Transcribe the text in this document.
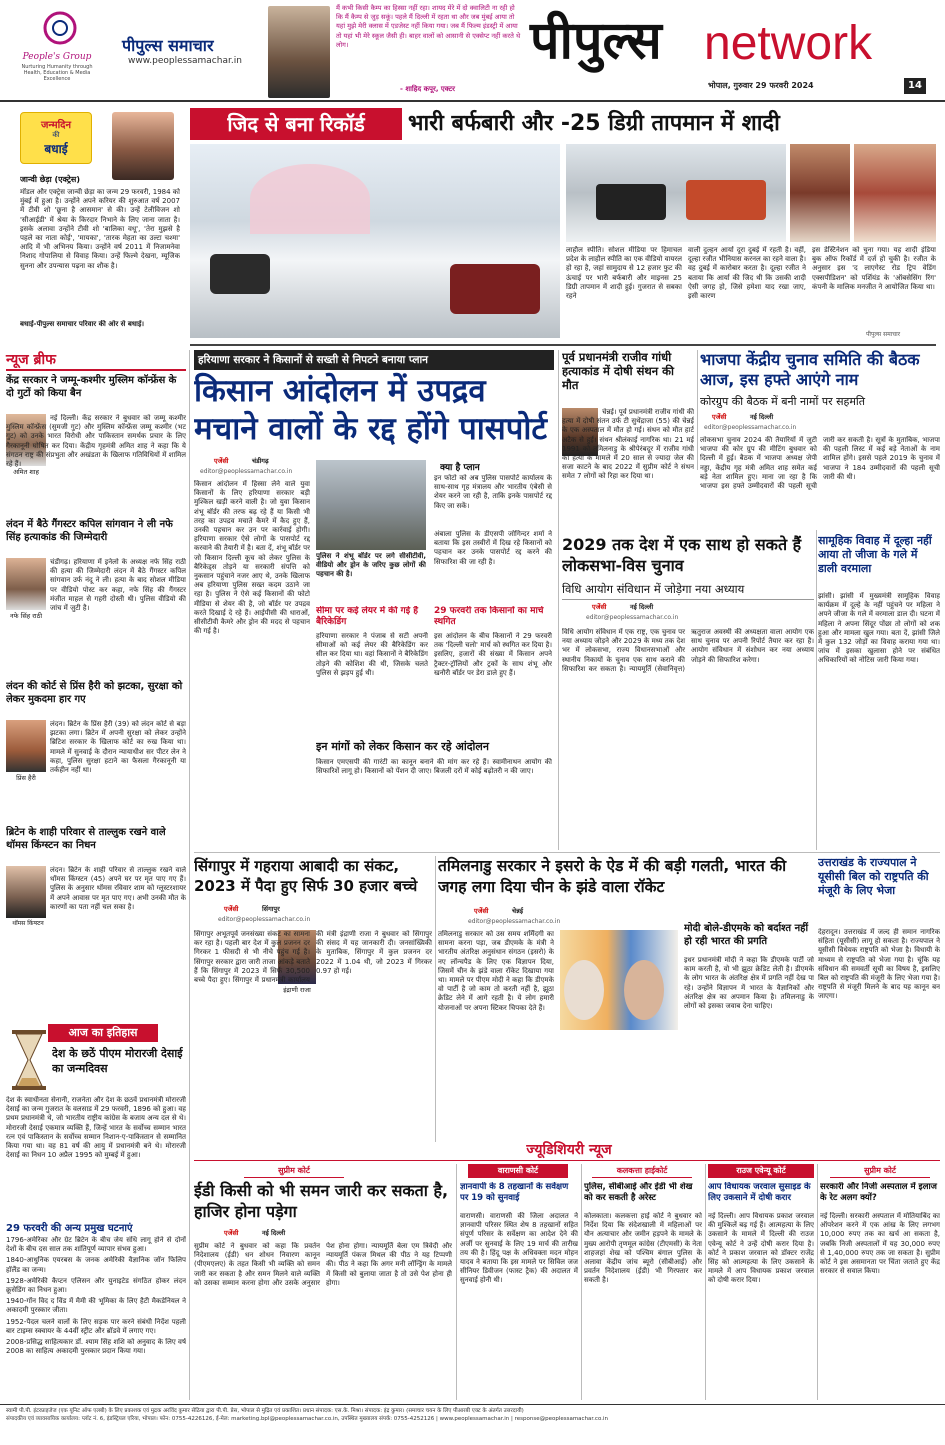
People's Group
Nurturing Humanity through Health, Education & Media Excellence
पीपुल्स समाचार
www.peoplessamachar.in
मैं कभी किसी कैम्प का हिस्सा नहीं रहा। शायद मेरे में दो क्वालिटी ना रही हो कि मैं कैम्प से जुड़ सकूं। पहले मैं दिल्ली में रहता था और जब मुंबई आया तो यहां मुझे मेरी क्लास में एडजेस्ट नहीं किया गया। जब मैं फिल्म इंडस्ट्री में आया तो यहां भी मेरे स्कूल जैसी ही। बाहर वालों को आसानी से एक्सेप्ट नहीं करते थे लोग।
- शाहिद कपूर, एक्टर
पीपुल्स network
भोपाल, गुरुवार 29 फरवरी 2024	14
जन्मदिन
की
बधाई
जान्वी छेड़ा (एक्ट्रेस)
मॉडल और एक्ट्रेस जान्वी छेड़ा का जन्म 29 फरवरी, 1984 को मुंबई में हुआ है। उन्होंने अपने करियर की शुरुआत वर्ष 2007 में टीवी शो 'छूना है आसमान' से की। उन्हें टेलीविजन शो 'सीआईडी' में श्रेया के किरदार निभाने के लिए जाना जाता है। इसके अलावा उन्होंने टीवी शो 'बालिका वधू', 'तेरा मुझसे है पहले का नाता कोई', 'मायका', 'तारक मेहता का उल्टा चश्मा' आदि में भी अभिनय किया। उन्होंने वर्ष 2011 में निजामनेवा निशाद गोपालिया से विवाह किया। उन्हें फिल्मे देखना, म्यूजिक सुनना और उपन्यास पढ़ना का शौक है।
बधाई-पीपुल्स समाचार परिवार की ओर से बधाई।
जिद से बना रिकॉर्ड	भारी बर्फबारी और -25 डिग्री तापमान में शादी
लाहौल स्पीति। सोशल मीडिया पर हिमाचल प्रदेश के लाहौल स्पीति का एक वीडियो वायरल हो रहा है, जहां सामुदाय से 12 हजार फुट की ऊंचाई पर भारी बर्फबारी और माइनस 25 डिग्री तापमान में शादी हुई। गुजरात से सबका रहने
वाली दुल्हन आर्या दूरा दुबई में रहती है। वहीं, दूल्हा रजीत भीनियास करनल का रहने वाला है। वह दुबई में कारोबार करता है। दूल्हा रजीत ने बताया कि आर्या की जिद थी कि उसकी शादी ऐसी जगह हो, जिसे हमेशा याद रखा जाए, इसी कारण
इस डेस्टिनेशन को चुना गया। यह शादी इंडिया बुक ऑफ रिकॉर्ड में दर्ज हो चुकी है। रजीत के अनुसार इस 'द लाएगेस्ट रोड ट्रिप वेडिंग एक्सपीडिशन' को पर्शियंड के 'ऑबसेसिंग रिंग' कंपनी के मालिक मनजीत ने आयोजित किया था।
पीपुल्स समाचार
न्यूज ब्रीफ
केंद्र सरकार ने जम्मू-कश्मीर मुस्लिम कॉन्फ्रेंस के दो गुटों को किया बैन
अमित शाह
नई दिल्ली। केंद्र सरकार ने बुधवार को जम्मू कश्मीर मुस्लिम कॉन्फ्रेंस (सुमजी गुट) और मुस्लिम कॉन्फ्रेंस जम्मू कश्मीर (भट गुट) को उनके भारत विरोधी और पाकिस्तान समर्थक प्रचार के लिए गैरकानूनी घोषित कर दिया। केंद्रीय गृहमंत्री अमित शाह ने कहा कि ये संगठन राष्ट्र की संप्रभुता और अखंडता के खिलाफ गतिविधियों में शामिल रहे हैं।
लंदन में बैठे गैंगस्टर कपिल सांगवान ने ली नफे सिंह हत्याकांड की जिम्मेदारी
नफे सिंह राठी
चंडीगढ़। हरियाणा में इनेलो के अध्यक्ष नफे सिंह राठी की हत्या की जिम्मेदारी लंदन में बैठे गैंगस्टर कपिल सांगवान उर्फ नंदू ने ली। हत्या के बाद सोशल मीडिया पर वीडियो पोस्ट कर कहा, नफे सिंह की गैंगस्टर मंजीत माहल से गहरी दोस्ती थी। पुलिस वीडियो की जांच में जुटी है।
लंदन की कोर्ट से प्रिंस हैरी को झटका, सुरक्षा को लेकर मुकदमा हार गए
प्रिंस हैरी
लंदन। ब्रिटेन के प्रिंस हैरी (39) को लंदन कोर्ट से बड़ा झटका लगा। ब्रिटेन में अपनी सुरक्षा को लेकर उन्होंने ब्रिटिश सरकार के खिलाफ कोर्ट का रुख किया था। मामले में सुनवाई के दौरान न्यायाधीश सर पीटर लेन ने कहा, पुलिस सुरक्षा हटाने का फैसला गैरकानूनी या तर्कहीन नहीं था।
ब्रिटेन के शाही परिवार से ताल्लुक रखने वाले थॉमस किंग्स्टन का निधन
थॉमस किंग्स्टन
लंदन। ब्रिटेन के शाही परिवार से ताल्लुक रखने वाले थॉमस किंग्स्टन (45) अपने घर पर मृत पाए गए हैं। पुलिस के अनुसार थॉमस रविवार शाम को ग्लूस्टरशायर में अपने आवास पर मृत पाए गए। अभी उनकी मौत के कारणों का पता नहीं चल सका है।
आज का इतिहास
देश के छठें पीएम मोरारजी देसाई का जन्मदिवस
देश के स्वाधीनता सेनानी, राजनेता और देश के छठवें प्रधानमंत्री मोरारजी देसाई का जन्म गुजरात के वलसाड में 29 फरवरी, 1896 को हुआ। वह प्रथम प्रधानमंत्री थे, जो भारतीय राष्ट्रीय कांग्रेस के बजाय अन्य दल से थे। मोरारजी देसाई एकमात्र व्यक्ति हैं, जिन्हें भारत के सर्वोच्च सम्मान भारत रत्न एवं पाकिस्तान के सर्वोच्च सम्मान निशान-ए-पाकिस्तान से सम्मानित किया गया था। वह 81 वर्ष की आयु में प्रधानमंत्री बने थे। मोरारजी देसाई का निधन 10 अप्रैल 1995 को मुम्बई में हुआ।
29 फरवरी की अन्य प्रमुख घटनाएं
1796-अमेरिका और ग्रेट ब्रिटेन के बीच जेय संधि लागू होने से दोनों देशों के बीच दस साल तक शांतिपूर्ण व्यापार संभव हुआ।
1840-आधुनिक एयरबस के जनक अमेरिकी वैज्ञानिक जॉन फिलिप हॉलैंड का जन्म।
1928-अमेरिकी कैप्टन एलिसन और युनाइटेड संगठित होकर लंदन क्रूसेडिंग का निधन हुआ।
1940-गॉन विद द विंड में मैमी की भूमिका के लिए हैटी मैकडेनियल ने अकादमी पुरस्कार जीता।
1952-पैदल चलने वालों के लिए सड़क पार करने संबंधी निर्देश पहली बार टाइम्स स्क्वायर के 44वीं स्ट्रीट और ब्रॉडवे में लगाए गए।
2008-प्रसिद्ध साहित्यकार डॉ. श्याम सिंह शशि को अनुवाद के लिए वर्ष 2008 का साहित्य अकादमी पुरस्कार प्रदान किया गया।
हरियाणा सरकार ने किसानों से सख्ती से निपटने बनाया प्लान
किसान आंदोलन में उपद्रव मचाने वालों के रद्द होंगे पासपोर्ट
एजेंसी	चंडीगढ़
editor@peoplessamachar.co.in
किसान आंदोलन में हिस्सा लेने वाले युवा किसानों के लिए हरियाणा सरकार बड़ी मुश्किल खड़ी करने वाली है। जो युवा किसान शंभू बॉर्डर की तरफ बढ़ रहे हैं या किसी भी तरह का उपद्रव मचाते कैमरे में कैद हुए हैं, उनकी पहचान कर उन पर कार्रवाई होगी। हरियाणा सरकार ऐसे लोगों के पासपोर्ट रद्द करवाने की तैयारी में है। बता दें, शंभू बॉर्डर पर जो किसान दिल्ली कूच को लेकर पुलिस के बैरिकेड्स तोड़ने या सरकारी संपत्ति को नुकसान पहुंचाने नजर आए थे, उनके खिलाफ अब हरियाणा पुलिस सख्त कदम उठाने जा रहा है। पुलिस ने ऐसे कई किसानों की फोटो मीडिया से शेयर की है, जो बॉर्डर पर उपद्रव करते दिखाई दे रहे हैं। आईपीसी की धाराओं, सीसीटीवी कैमरे और ड्रोन की मदद से पहचान की गई है।
पुलिस ने शंभू बॉर्डर पर लगे सीसीटीवी, वीडियो और ड्रोन के जरिए कुछ लोगों की पहचान की है।
क्या है प्लान
इन फोटो को अब पुलिस पासपोर्ट कार्यालय के साथ-साथ गृह मंत्रालय और भारतीय एंबेसी से शेयर करने जा रही है, ताकि इनके पासपोर्ट रद्द किए जा सकें।
अंबाला पुलिस के डीएसपी जोगिन्दर शर्मा ने बताया कि इस तस्वीरों में दिख रहे किसानों को पहचान कर उनके पासपोर्ट रद्द करने की सिफारिश की जा रही है।
सीमा पर कई लेयर में की गई है बैरिकेडिंग
हरियाणा सरकार ने पंजाब से सटी अपनी सीमाओं को कई लेयर की बैरिकेडिंग कर सील कर दिया था। वहां किसानों ने बैरिकेडिंग तोड़ने की कोशिश की थी, जिसके चलते पुलिस से झड़प हुई थी।
29 फरवरी तक किसानों का मार्च स्थगित
इस आंदोलन के बीच किसानों ने 29 फरवरी तक 'दिल्ली चलो' मार्च को स्थगित कर दिया है। इसलिए, हजारों की संख्या में किसान अपने ट्रैक्टर-ट्रॉलियों और ट्रकों के साथ शंभू और खनौरी बॉर्डर पर डेरा डाले हुए हैं।
इन मांगों को लेकर किसान कर रहे आंदोलन
किसान एमएसपी की गारंटी का कानून बनाने की मांग कर रहे हैं। स्वामीनाथन आयोग की सिफारिशें लागू हो। किसानों को पेंशन दी जाए। बिजली दरों में कोई बढ़ोतरी न की जाए।
पूर्व प्रधानमंत्री राजीव गांधी हत्याकांड में दोषी संथन की मौत
चेन्नई। पूर्व प्रधानमंत्री राजीव गांधी की हत्या में दोषी संतन उर्फ टी सुथेंद्राजा (55) की चेन्नई के एक अस्पताल में मौत हो गई। संथन को मौत हार्ट अटैक से हुई। संथन श्रीलंकाई नागरिक था। 21 मई 1991 को तमिलनाडु के श्रीपेरंबदूर में राजीव गांधी की हत्या के मामले में 20 साल से ज्यादा जेल की सजा काटने के बाद 2022 में सुप्रीम कोर्ट ने संथन समेत 7 लोगों को रिहा कर दिया था।
भाजपा केंद्रीय चुनाव समिति की बैठक आज, इस हफ्ते आएंगे नाम
कोरग्रुप की बैठक में बनी नामों पर सहमति
एजेंसी	नई दिल्ली
editor@peoplessamachar.co.in
लोकसभा चुनाव 2024 की तैयारियों में जुटी भाजपा की कोर ग्रुप की मीटिंग बुधवार को दिल्ली में हुई। बैठक में भाजपा अध्यक्ष जेपी नड्डा, केंद्रीय गृह मंत्री अमित शाह समेत कई बड़े नेता शामिल हुए। माना जा रहा है कि भाजपा इस हफ्ते उम्मीदवारों की पहली सूची जारी कर सकती है। सूत्रों के मुताबिक, भाजपा की पहली लिस्ट में कई बड़े नेताओं के नाम शामिल होंगे। इससे पहले 2019 के चुनाव में भाजपा ने 184 उम्मीदवारों की पहली सूची जारी की थी।
2029 तक देश में एक साथ हो सकते हैं लोकसभा-विस चुनाव
विधि आयोग संविधान में जोड़ेगा नया अध्याय
एजेंसी	नई दिल्ली
editor@peoplessamachar.co.in
विधि आयोग संविधान में एक राष्ट्र, एक चुनाव पर नया अध्याय जोड़ने और 2029 के मध्य तक देश भर में लोकसभा, राज्य विधानसभाओं और स्थानीय निकायों के चुनाव एक साथ कराने की सिफारिश कर सकता है। न्यायमूर्ति (सेवानिवृत्त) ऋतुराज अवस्थी की अध्यक्षता वाला आयोग एक साथ चुनाव पर अपनी रिपोर्ट तैयार कर रहा है। आयोग संविधान में संशोधन कर नया अध्याय जोड़ने की सिफारिश करेगा।
सामूहिक विवाह में दूल्हा नहीं आया तो जीजा के गले में डाली वरमाला
झांसी। झांसी में मुख्यमंत्री सामूहिक विवाह कार्यक्रम में दूल्हे के नहीं पहुंचने पर महिला ने अपने जीजा के गले में वरमाला डाल दी। घटना में महिला ने अपना सिंदूर पोंछा तो लोगों को शक हुआ और मामला खुल गया। बता दें, झांसी जिले में कुल 132 जोड़ों का विवाह कराया गया था। जांच में इसका खुलासा होने पर संबंधित अधिकारियों को नोटिस जारी किया गया।
सिंगापुर में गहराया आबादी का संकट, 2023 में पैदा हुए सिर्फ 30 हजार बच्चे
एजेंसी	सिंगापुर
editor@peoplessamachar.co.in
इंद्राणी राजा
सिंगापुर अभूतपूर्व जनसंख्या संकट का सामना कर रहा है। पहली बार देश में कुल प्रजनन दर गिरकर 1 फीसदी से भी नीचे पहुंच गई है। सिंगापुर सरकार द्वारा जारी ताजा आंकड़े बताते हैं कि सिंगापुर में 2023 में सिर्फ 30,500 बच्चे पैदा हुए। सिंगापुर में प्रधानमंत्री कार्यालय की मंत्री इंद्राणी राजा ने बुधवार को सिंगापुर की संसद में यह जानकारी दी। जनसांख्यिकी के मुताबिक, सिंगापुर में कुल प्रजनन दर 2022 में 1.04 थी, जो 2023 में गिरकर 0.97 हो गई।
तमिलनाडु सरकार ने इसरो के ऐड में की बड़ी गलती, भारत की जगह लगा दिया चीन के झंडे वाला रॉकेट
एजेंसी	चेन्नई
editor@peoplessamachar.co.in
तमिलनाडु सरकार को उस समय शर्मिंदगी का सामना करना पड़ा, जब डीएमके के मंत्री ने भारतीय अंतरिक्ष अनुसंधान संगठन (इसरो) के नए लॉन्चपैड के लिए एक विज्ञापन दिया, जिसमें चीन के झंडे वाला रॉकेट दिखाया गया था। मामले पर पीएम मोदी ने कहा कि डीएमके वो पार्टी है जो काम तो करती नहीं है, झूठा क्रेडिट लेने में आगे रहती है। ये लोग हमारी योजनाओं पर अपना स्टिकर चिपका देते हैं।
मोदी बोले-डीएमके को बर्दाश्त नहीं हो रही भारत की प्रगति
इधर प्रधानमंत्री मोदी ने कहा कि डीएमके पार्टी जो काम करती है, वो भी झूठा क्रेडिट लेती है। डीएमके के लोग भारत के अंतरिक्ष क्षेत्र में प्रगति नहीं देख पा रहे। उन्होंने विज्ञापन में भारत के वैज्ञानिकों और अंतरिक्ष क्षेत्र का अपमान किया है। तमिलनाडु के लोगों को इसका जवाब देना चाहिए।
उत्तराखंड के राज्यपाल ने यूसीसी बिल को राष्ट्रपति की मंजूरी के लिए भेजा
देहरादून। उत्तराखंड में जल्द ही समान नागरिक संहिता (यूसीसी) लागू हो सकता है। राज्यपाल ने यूसीसी विधेयक राष्ट्रपति को भेजा है। विधायी के माध्यम से राष्ट्रपति को भेजा गया है। चूंकि यह संविधान की समवर्ती सूची का विषय है, इसलिए बिल को राष्ट्रपति की मंजूरी के लिए भेजा गया है। राष्ट्रपति से मंजूरी मिलने के बाद यह कानून बन जाएगा।
ज्यूडिशियरी न्यूज
सुप्रीम कोर्ट
ईडी किसी को भी समन जारी कर सकता है, हाजिर होना पड़ेगा
एजेंसी	नई दिल्ली
सुप्रीम कोर्ट ने बुधवार को कहा कि प्रवर्तन निदेशालय (ईडी) धन शोधन निवारण कानून (पीएमएलए) के तहत किसी भी व्यक्ति को समन जारी कर सकता है और समन मिलने वाले व्यक्ति को उसका सम्मान करना होगा और उसके अनुसार पेश होना होगा। न्यायमूर्ति बेला एम त्रिवेदी और न्यायमूर्ति पंकज मिथल की पीठ ने यह टिप्पणी की। पीठ ने कहा कि अगर मनी लॉन्ड्रिंग के मामले में किसी को बुलाया जाता है तो उसे पेश होना ही होगा।
वाराणसी कोर्ट
ज्ञानवापी के 8 तहखानों के सर्वेक्षण पर 19 को सुनवाई
वाराणसी। वाराणसी की जिला अदालत ने ज्ञानवापी परिसर स्थित शेष 8 तहखानों सहित संपूर्ण परिसर के सर्वेक्षण का आदेश देने की अर्जी पर सुनवाई के लिए 19 मार्च की तारीख तय की है। हिंदू पक्ष के अधिवक्ता मदन मोहन यादव ने बताया कि इस मामले पर सिविल जज सीनियर डिवीजन (फास्ट ट्रैक) की अदालत में सुनवाई होनी थी।
कलकत्ता हाईकोर्ट
पुलिस, सीबीआई और ईडी भी शेख को कर सकती है अरेस्ट
कोलकाता। कलकत्ता हाई कोर्ट ने बुधवार को निर्देश दिया कि संदेशखाली में महिलाओं पर यौन अत्याचार और जमीन हड़पने के मामले के मुख्य आरोपी तृणमूल कांग्रेस (टीएमसी) के नेता शाहजहां शेख को पश्चिम बंगाल पुलिस के अलावा केंद्रीय जांच ब्यूरो (सीबीआई) और प्रवर्तन निदेशालय (ईडी) भी गिरफ्तार कर सकती है।
राउज एवेन्यू कोर्ट
आप विधायक जरवाल सुसाइड के लिए उकसाने में दोषी करार
नई दिल्ली। आप विधायक प्रकाश जरवाल की मुश्किलें बढ़ गई हैं। आत्महत्या के लिए उकसाने के मामले में दिल्ली की राउज एवेन्यू कोर्ट ने उन्हें दोषी करार दिया है। कोर्ट ने प्रकाश जरवाल को डॉक्टर राजेंद्र सिंह को आत्महत्या के लिए उकसाने के मामले में आप विधायक प्रकाश जरवाल को दोषी करार दिया।
सुप्रीम कोर्ट
सरकारी और निजी अस्पताल में इलाज के रेट अलग क्यों?
नई दिल्ली। सरकारी अस्पताल में मोतियाबिंद का ऑपरेशन करने में एक आंख के लिए लगभग 10,000 रुपए तक का खर्च आ सकता है, जबकि निजी अस्पतालों में यह 30,000 रुपए से 1,40,000 रुपए तक जा सकता है। सुप्रीम कोर्ट ने इस असमानता पर चिंता जताते हुए केंद्र सरकार से सवाल किया।
स्वामी पी.पी. इंटरप्राइजेज (एक यूनिट ऑफ एलबी) के लिए प्रकाशक एवं मुद्रक अरविंद कुमार सेठिया द्वारा पी.पी. प्रेस, भोपाल से मुद्रित एवं प्रकाशित। प्रधान संपादक: एस.के. मिश्रा। संपादक: इंद्र कुमार। (समाचार चयन के लिए पीआरबी एक्ट के अंतर्गत उत्तरदायी)
संपादकीय एवं व्यावसायिक कार्यालय: प्लॉट नं. 6, इंडस्ट्रियल एरिया, भोपाल। फोन: 0755-4226126, ई-मेल: marketing.bpl@peoplessamachar.co.in, उपस्थित मुख्यालय संपर्क: 0755-4252126 | www.peoplessamachar.in | response@peoplessamachar.co.in
